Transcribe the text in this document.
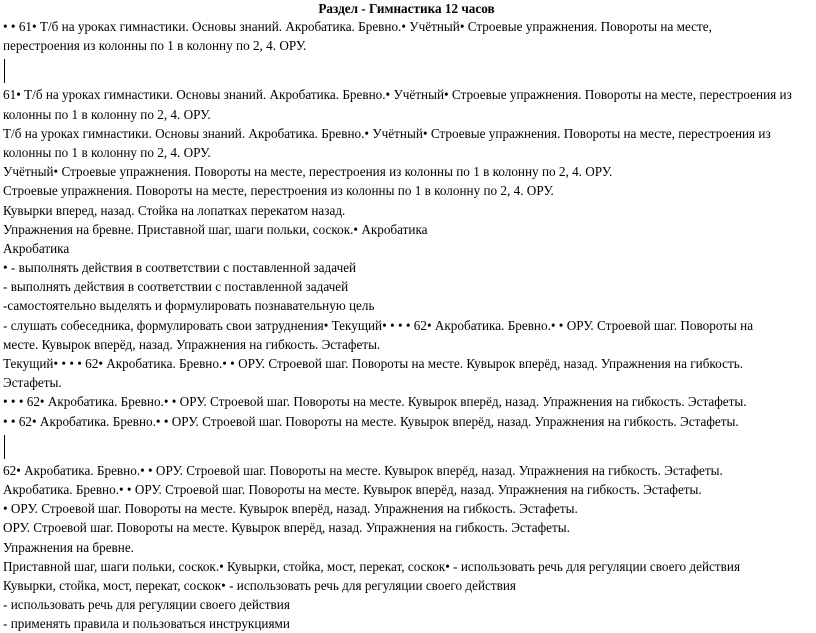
Раздел - Гимнастика 12 часов
• • 61• Т/б на уроках гимнастики. Основы знаний. Акробатика. Бревно.• Учётный• Строевые упражнения. Повороты на месте,
перестроения из колонны по 1 в колонну по 2, 4. ОРУ.
61• Т/б на уроках гимнастики. Основы знаний. Акробатика. Бревно.• Учётный• Строевые упражнения. Повороты на месте, перестроения из
колонны по 1 в колонну по 2, 4. ОРУ.
Т/б на уроках гимнастики. Основы знаний. Акробатика. Бревно.• Учётный• Строевые упражнения. Повороты на месте, перестроения из
колонны по 1 в колонну по 2, 4. ОРУ.
Учётный• Строевые упражнения. Повороты на месте, перестроения из колонны по 1 в колонну по 2, 4. ОРУ.
Строевые упражнения. Повороты на месте, перестроения из колонны по 1 в колонну по 2, 4. ОРУ.
Кувырки вперед, назад. Стойка на лопатках перекатом назад.
Упражнения на бревне. Приставной шаг, шаги польки, соскок.• Акробатика
Акробатика
• - выполнять действия в соответствии с поставленной задачей
- выполнять действия в соответствии с поставленной задачей
-самостоятельно выделять и формулировать познавательную цель
- слушать собеседника, формулировать свои затруднения• Текущий• • • • 62• Акробатика. Бревно.• • ОРУ. Строевой шаг. Повороты на
месте. Кувырок вперёд, назад. Упражнения на гибкость. Эстафеты.
Текущий• • • • 62• Акробатика. Бревно.• • ОРУ. Строевой шаг. Повороты на месте. Кувырок вперёд, назад. Упражнения на гибкость.
Эстафеты.
• • • 62• Акробатика. Бревно.• • ОРУ. Строевой шаг. Повороты на месте. Кувырок вперёд, назад. Упражнения на гибкость. Эстафеты.
• • 62• Акробатика. Бревно.• • ОРУ. Строевой шаг. Повороты на месте. Кувырок вперёд, назад. Упражнения на гибкость. Эстафеты.
62• Акробатика. Бревно.• • ОРУ. Строевой шаг. Повороты на месте. Кувырок вперёд, назад. Упражнения на гибкость. Эстафеты.
Акробатика. Бревно.• • ОРУ. Строевой шаг. Повороты на месте. Кувырок вперёд, назад. Упражнения на гибкость. Эстафеты.
• ОРУ. Строевой шаг. Повороты на месте. Кувырок вперёд, назад. Упражнения на гибкость. Эстафеты.
ОРУ. Строевой шаг. Повороты на месте. Кувырок вперёд, назад. Упражнения на гибкость. Эстафеты.
Упражнения на бревне.
Приставной шаг, шаги польки, соскок.• Кувырки, стойка, мост, перекат, соскок• - использовать речь для регуляции своего действия
Кувырки, стойка, мост, перекат, соскок• - использовать речь для регуляции своего действия
- использовать речь для регуляции своего действия
- применять правила и пользоваться инструкциями
